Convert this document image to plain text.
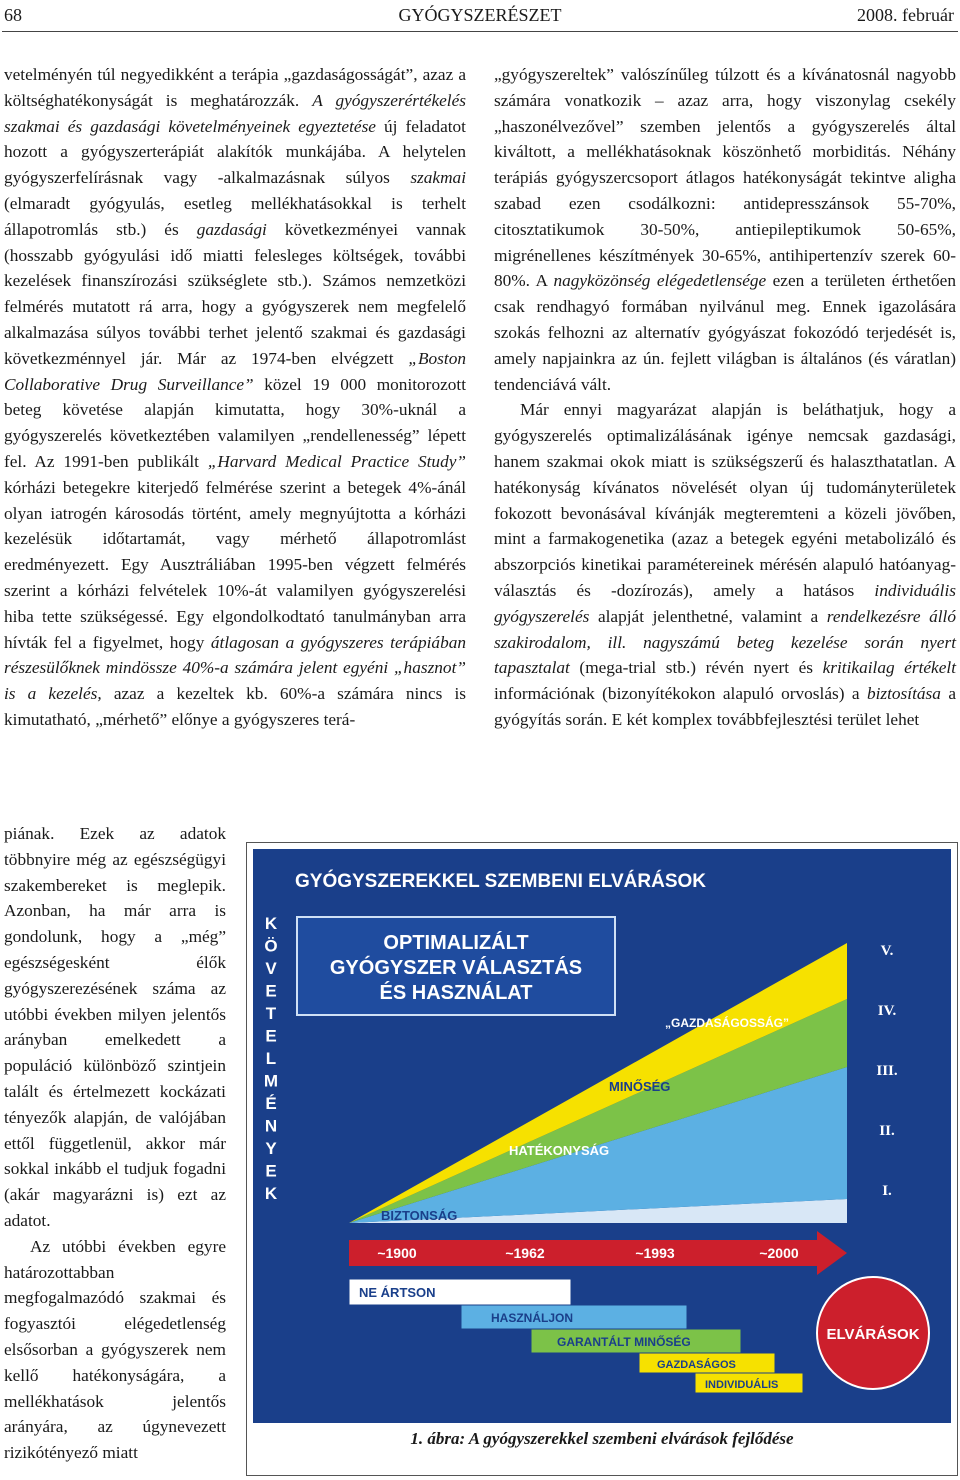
68	GYÓGYSZERÉSZET	2008. február

vetelményén túl negyedikként a terápia „gazdaságosságát”, azaz a költséghatékonyságát is meghatározzák. A gyógyszerértékelés szakmai és gazdasági követelményeinek egyeztetése új feladatot hozott a gyógyszerterápiát alakítók munkájába. A helytelen gyógyszerfelírásnak vagy -alkalmazásnak súlyos szakmai (elmaradt gyógyulás, esetleg mellékhatásokkal is terhelt állapotromlás stb.) és gazdasági következményei vannak (hosszabb gyógyulási idő miatti felesleges költségek, további kezelések finanszírozási szükséglete stb.). Számos nemzetközi felmérés mutatott rá arra, hogy a gyógyszerek nem megfelelő alkalmazása súlyos további terhet jelentő szakmai és gazdasági következménnyel jár. Már az 1974-ben elvégzett „Boston Collaborative Drug Surveillance” közel 19 000 monitorozott beteg követése alapján kimutatta, hogy 30%-uknál a gyógyszerelés következtében valamilyen „rendellenesség” lépett fel. Az 1991-ben publikált „Harvard Medical Practice Study” kórházi betegekre kiterjedő felmérése szerint a betegek 4%-ánál olyan iatrogén károsodás történt, amely megnyújtotta a kórházi kezelésük időtartamát, vagy mérhető állapotromlást eredményezett. Egy Ausztráliában 1995-ben végzett felmérés szerint a kórházi felvételek 10%-át valamilyen gyógyszerelési hiba tette szükségessé. Egy elgondolkodtató tanulmányban arra hívták fel a figyelmet, hogy átlagosan a gyógyszeres terápiában részesülőknek mindössze 40%-a számára jelent egyéni „hasznot” is a kezelés, azaz a kezeltek kb. 60%-a számára nincs is kimutatható, „mérhető” előnye a gyógyszeres terá-

piának. Ezek az adatok többnyire még az egészségügyi szakembereket is meglepik. Azonban, ha már arra is gondolunk, hogy a „még” egészségesként élők gyógyszerezésének száma az utóbbi években milyen jelentős arányban emelkedett a populáció különböző szintjein talált és értelmezett kockázati tényezők alapján, de valójában ettől függetlenül, akkor már sokkal inkább el tudjuk fogadni (akár magyarázni is) ezt az adatot.

Az utóbbi években egyre határozottabban megfogalmazódó szakmai és fogyasztói elégedetlenség elsősorban a gyógyszerek nem kellő hatékonyságára, a mellékhatások jelentős arányára, az úgynevezett rizikótényező miatt

„gyógyszereltek” valószínűleg túlzott és a kívánatosnál nagyobb számára vonatkozik – azaz arra, hogy viszonylag csekély „haszonélvezővel” szemben jelentős a gyógyszerelés által kiváltott, a mellékhatásoknak köszönhető morbiditás. Néhány terápiás gyógyszercsoport átlagos hatékonyságát tekintve aligha szabad ezen csodálkozni: antidepresszánsok 55-70%, citosztatikumok 30-50%, antiepileptikumok 50-65%, migrénellenes készítmények 30-65%, antihipertenzív szerek 60-80%. A nagyközönség elégedetlensége ezen a területen érthetően csak rendhagyó formában nyilvánul meg. Ennek igazolására szokás felhozni az alternatív gyógyászat fokozódó terjedését is, amely napjainkra az ún. fejlett világban is általános (és váratlan) tendenciává vált.

Már ennyi magyarázat alapján is beláthatjuk, hogy a gyógyszerelés optimalizálásának igénye nemcsak gazdasági, hanem szakmai okok miatt is szükségszerű és halaszthatatlan. A hatékonyság kívánatos növelését olyan új tudományterületek fokozott bevonásával kívánják megteremteni a közeli jövőben, mint a farmakogenetika (azaz a betegek egyéni metabolizáló és abszorpciós kinetikai paramétereinek mérésén alapuló hatóanyag-választás és -dozírozás), amely a hatásos individuális gyógyszerelés alapját jelenthetné, valamint a rendelkezésre álló szakirodalom, ill. nagyszámú beteg kezelése során nyert tapasztalat (mega-trial stb.) révén nyert és kritikailag értékelt információnak (bizonyítékokon alapuló orvoslás) a biztosítása a gyógyítás során. E két komplex továbbfejlesztési terület lehet

GYÓGYSZEREKKEL SZEMBENI ELVÁRÁSOK
K
Ö
V
E
T
E
L
M
É
N
Y
E
K
OPTIMALIZÁLT
GYÓGYSZER VÁLASZTÁS
ÉS HASZNÁLAT
BIZTONSÁG
HATÉKONYSÁG
MINŐSÉG
„GAZDASÁGOSSÁG”
V.
IV.
III.
II.
I.
~1900	~1962	~1993	~2000
NE ÁRTSON
HASZNÁLJON
GARANTÁLT MINŐSÉG
GAZDASÁGOS
INDIVIDUÁLIS
ELVÁRÁSOK
1. ábra: A gyógyszerekkel szembeni elvárások fejlődése
